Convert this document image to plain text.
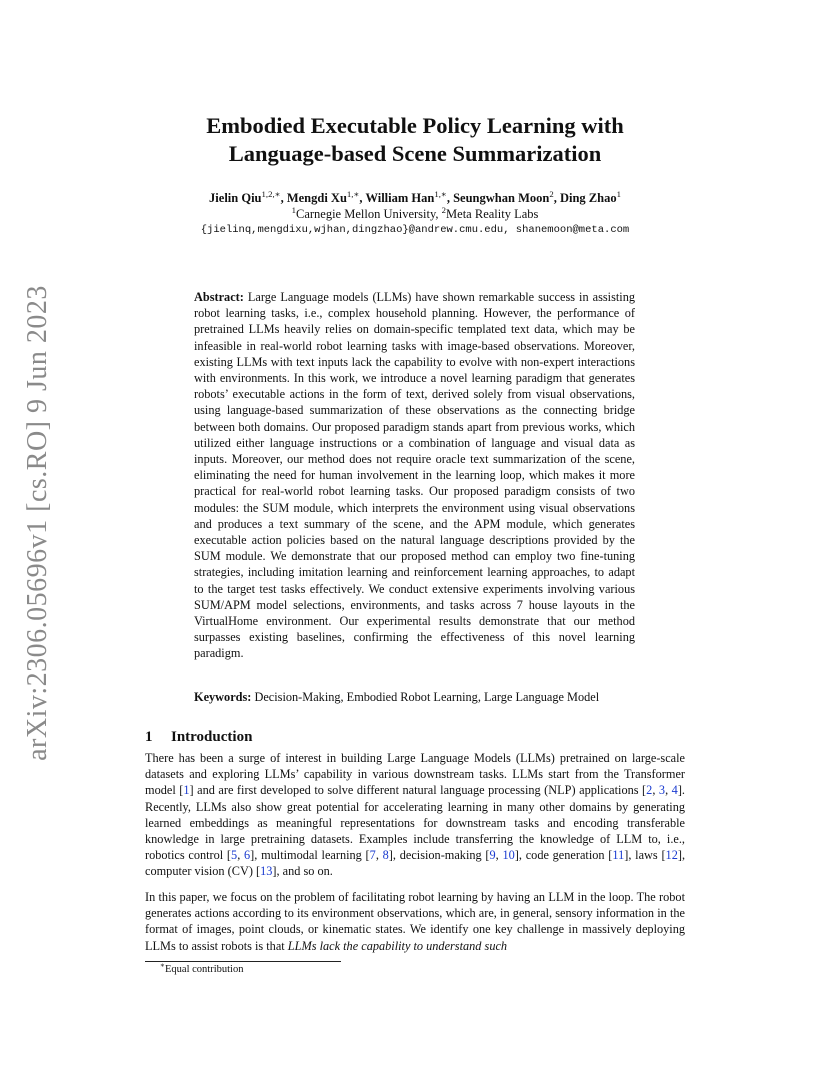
arXiv:2306.05696v1 [cs.RO] 9 Jun 2023
Embodied Executable Policy Learning with
Language-based Scene Summarization
Jielin Qiu$^{1,2,∗}$, Mengdi $Xu^{1,∗}$, William Han$^{1,∗}$, Seungwhan Moon$^2$, Ding Zhao$^1$
$^1$Carnegie Mellon University, $^2$Meta Reality Labs
{jielinq,mengdixu,wjhan,dingzhao}@andrew.cmu.edu, shanemoon@meta.com
Abstract: Large Language models (LLMs) have shown remarkable success in assisting robot learning tasks, i.e., complex household planning. However, the performance of pretrained LLMs heavily relies on domain-specific templated text data, which may be infeasible in real-world robot learning tasks with image-based observations. Moreover, existing LLMs with text inputs lack the capability to evolve with non-expert interactions with environments. In this work, we introduce a novel learning paradigm that generates robots’ executable actions in the form of text, derived solely from visual observations, using language-based summarization of these observations as the connecting bridge between both domains. Our proposed paradigm stands apart from previous works, which utilized either language instructions or a combination of language and visual data as inputs. Moreover, our method does not require oracle text summarization of the scene, eliminating the need for human involvement in the learning loop, which makes it more practical for real-world robot learning tasks. Our proposed paradigm consists of two modules: the SUM module, which interprets the environment using visual observations and produces a text summary of the scene, and the APM module, which generates executable action policies based on the natural language descriptions provided by the SUM module. We demonstrate that our proposed method can employ two fine-tuning strategies, including imitation learning and reinforcement learning approaches, to adapt to the target test tasks effectively. We conduct extensive experiments involving various SUM/APM model selections, environments, and tasks across 7 house layouts in the VirtualHome environment. Our experimental results demonstrate that our method surpasses existing baselines, confirming the effectiveness of this novel learning paradigm.
Keywords: Decision-Making, Embodied Robot Learning, Large Language Model
1 Introduction
There has been a surge of interest in building Large Language Models (LLMs) pretrained on large-scale datasets and exploring LLMs’ capability in various downstream tasks. LLMs start from the Transformer model [1] and are first developed to solve different natural language processing (NLP) applications [2, 3, 4]. Recently, LLMs also show great potential for accelerating learning in many other domains by generating learned embeddings as meaningful representations for downstream tasks and encoding transferable knowledge in large pretraining datasets. Examples include transferring the knowledge of LLM to, i.e., robotics control [5, 6], multimodal learning [7, 8], decision-making [9, 10], code generation [11], laws [12], computer vision (CV) [13], and so on.
In this paper, we focus on the problem of facilitating robot learning by having an LLM in the loop. The robot generates actions according to its environment observations, which are, in general, sensory information in the format of images, point clouds, or kinematic states. We identify one key challenge in massively deploying LLMs to assist robots is that LLMs lack the capability to understand such
∗Equal contribution
